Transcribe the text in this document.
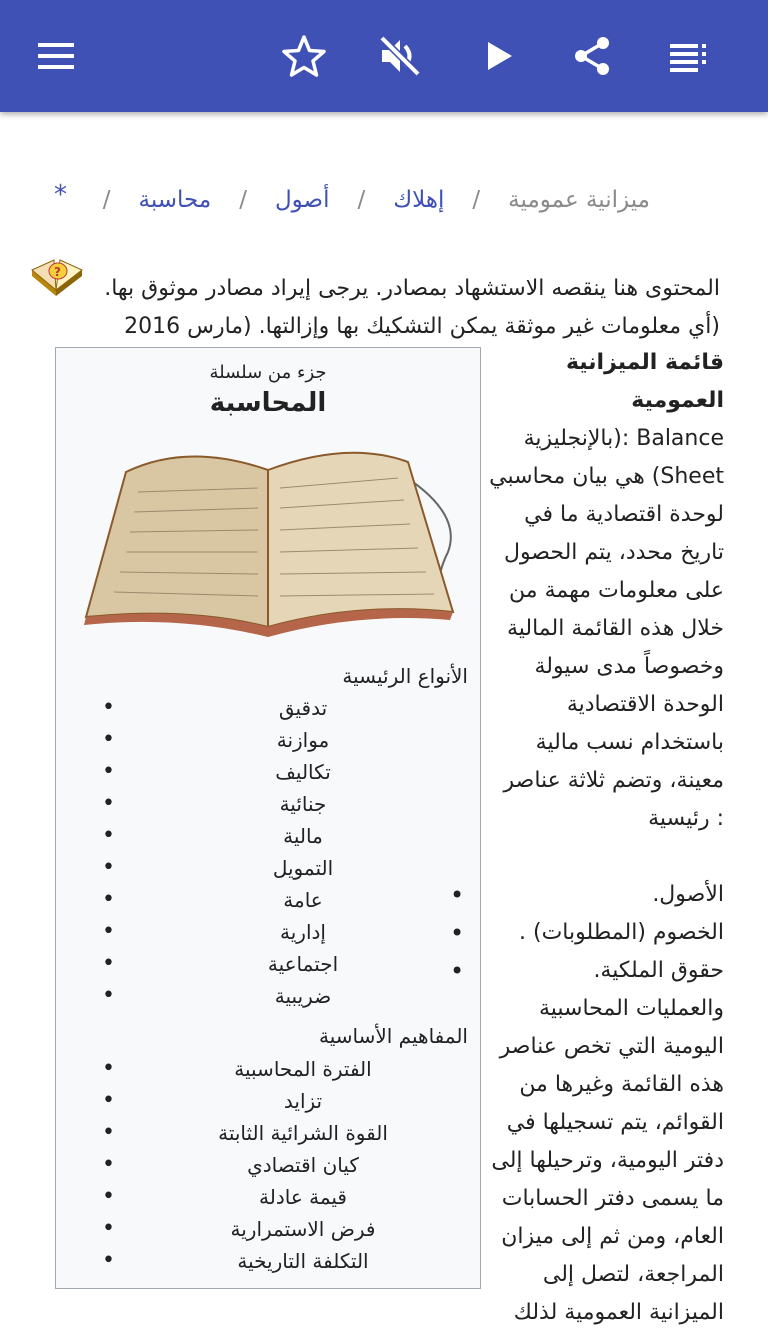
ميزانية عمومية
/
إهلاك
/
أصول
/
محاسبة
/
*
?
المحتوى هنا ينقصه الاستشهاد بمصادر. يرجى إيراد مصادر موثوق بها.
(أي معلومات غير موثقة يمكن التشكيك بها وإزالتها. (مارس 2016
جزء من سلسلة
المحاسبة
الأنواع الرئيسية
• تدقيق
• موازنة
• تكاليف
• جنائية
• مالية
• التمويل
• عامة
• إدارية
• اجتماعية
• ضريبية
المفاهيم الأساسية
• الفترة المحاسبية
• تزايد
• القوة الشرائية الثابتة
• كيان اقتصادي
• قيمة عادلة
• فرض الاستمرارية
• التكلفة التاريخية

قائمة الميزانية العمومية

Balance :(بالإنجليزية

Sheet) هي بيان محاسبي

لوحدة اقتصادية ما في

تاريخ محدد، يتم الحصول

على معلومات مهمة من

خلال هذه القائمة المالية

وخصوصاً مدى سيولة

الوحدة الاقتصادية

باستخدام نسب مالية

معينة، وتضم ثلاثة عناصر

: رئيسية

الأصول. •
الخصوم (المطلوبات) . •
حقوق الملكية. •

والعمليات المحاسبية

اليومية التي تخص عناصر

هذه القائمة وغيرها من

القوائم، يتم تسجيلها في

دفتر اليومية، وترحيلها إلى

ما يسمى دفتر الحسابات

العام، ومن ثم إلى ميزان

المراجعة، لتصل إلى

الميزانية العمومية لذلك
